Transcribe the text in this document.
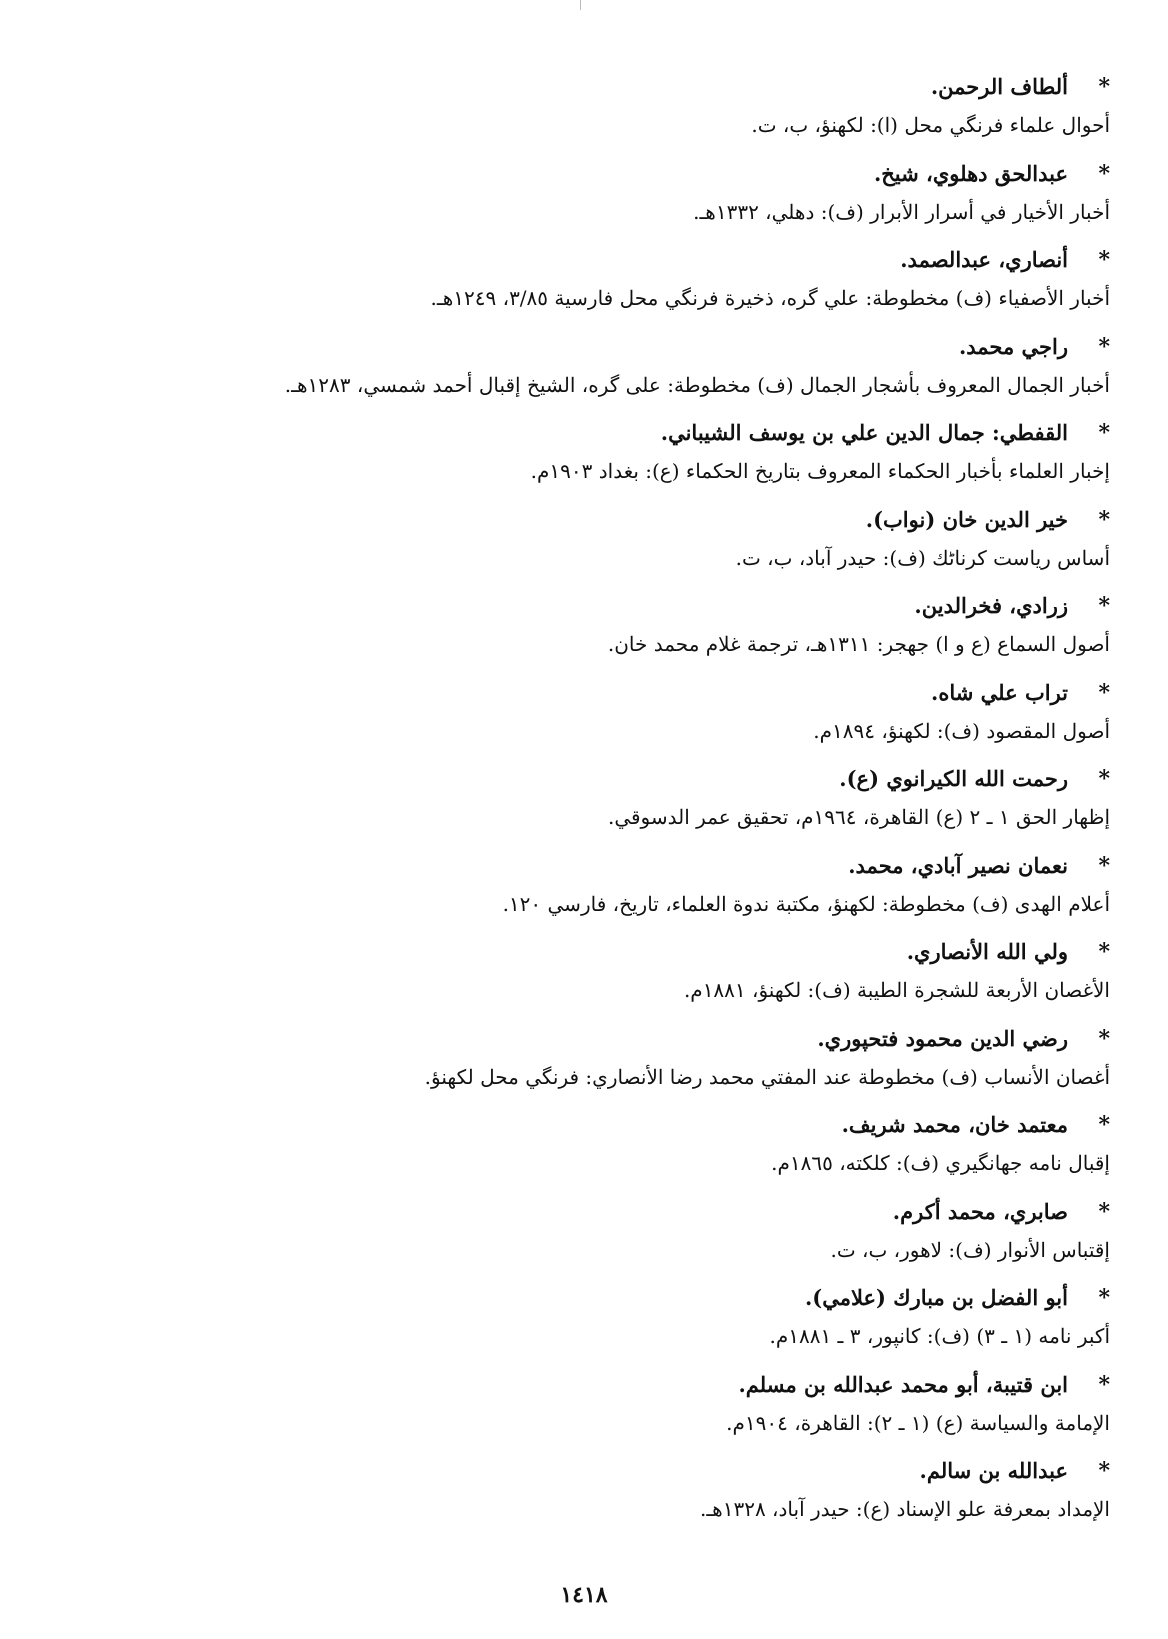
*
ألطاف الرحمن.
أحوال علماء فرنگي محل (ا): لكهنؤ، ب، ت.
*
عبدالحق دهلوي، شيخ.
أخبار الأخيار في أسرار الأبرار (ف): دهلي، ١٣٣٢هـ.
*
أنصاري، عبدالصمد.
أخبار الأصفياء (ف) مخطوطة: علي گره، ذخيرة فرنگي محل فارسية ٣/٨٥، ١٢٤٩هـ.
*
راجي محمد.
أخبار الجمال المعروف بأشجار الجمال (ف) مخطوطة: على گره، الشيخ إقبال أحمد شمسي، ١٢٨٣هـ.
*
القفطي: جمال الدين علي بن يوسف الشيباني.
إخبار العلماء بأخبار الحكماء المعروف بتاريخ الحكماء (ع): بغداد ١٩٠٣م.
*
خير الدين خان (نواب).
أساس رياست كرناٹك (ف): حيدر آباد، ب، ت.
*
زرادي، فخرالدين.
أصول السماع (ع و ا) جهجر: ١٣١١هـ، ترجمة غلام محمد خان.
*
تراب علي شاه.
أصول المقصود (ف): لكهنؤ، ١٨٩٤م.
*
رحمت الله الكيرانوي (ع).
إظهار الحق ١ ـ ٢ (ع) القاهرة، ١٩٦٤م، تحقيق عمر الدسوقي.
*
نعمان نصير آبادي، محمد.
أعلام الهدى (ف) مخطوطة: لكهنؤ، مكتبة ندوة العلماء، تاريخ، فارسي ١٢٠.
*
ولي الله الأنصاري.
الأغصان الأربعة للشجرة الطيبة (ف): لكهنؤ، ١٨٨١م.
*
رضي الدين محمود فتحپوري.
أغصان الأنساب (ف) مخطوطة عند المفتي محمد رضا الأنصاري: فرنگي محل لكهنؤ.
*
معتمد خان، محمد شريف.
إقبال نامه جهانگيري (ف): كلكته، ١٨٦٥م.
*
صابري، محمد أكرم.
إقتباس الأنوار (ف): لاهور، ب، ت.
*
أبو الفضل بن مبارك (علامي).
أكبر نامه (١ ـ ٣) (ف): كانپور، ٣ ـ ١٨٨١م.
*
ابن قتيبة، أبو محمد عبدالله بن مسلم.
الإمامة والسياسة (ع) (١ ـ ٢): القاهرة، ١٩٠٤م.
*
عبدالله بن سالم.
الإمداد بمعرفة علو الإسناد (ع): حيدر آباد، ١٣٢٨هـ.
١٤١٨
